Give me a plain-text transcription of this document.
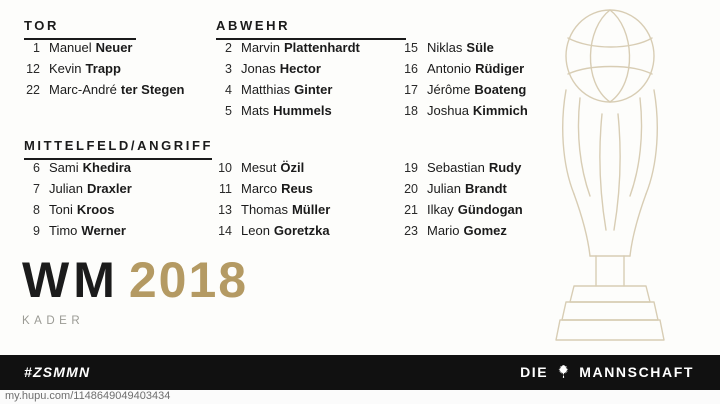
TOR	ABWEHR
MITTELFELD/ANGRIFF
1 Manuel Neuer
12 Kevin Trapp
22 Marc-André ter Stegen
2 Marvin Plattenhardt
3 Jonas Hector
4 Matthias Ginter
5 Mats Hummels
15 Niklas Süle
16 Antonio Rüdiger
17 Jérôme Boateng
18 Joshua Kimmich
6 Sami Khedira
7 Julian Draxler
8 Toni Kroos
9 Timo Werner
10 Mesut Özil
11 Marco Reus
13 Thomas Müller
14 Leon Goretzka
19 Sebastian Rudy
20 Julian Brandt
21 Ilkay Gündogan
23 Mario Gomez
WM 2018
KADER
#ZSMMN	DIE MANNSCHAFT
my.hupu.com/1148649049403434
